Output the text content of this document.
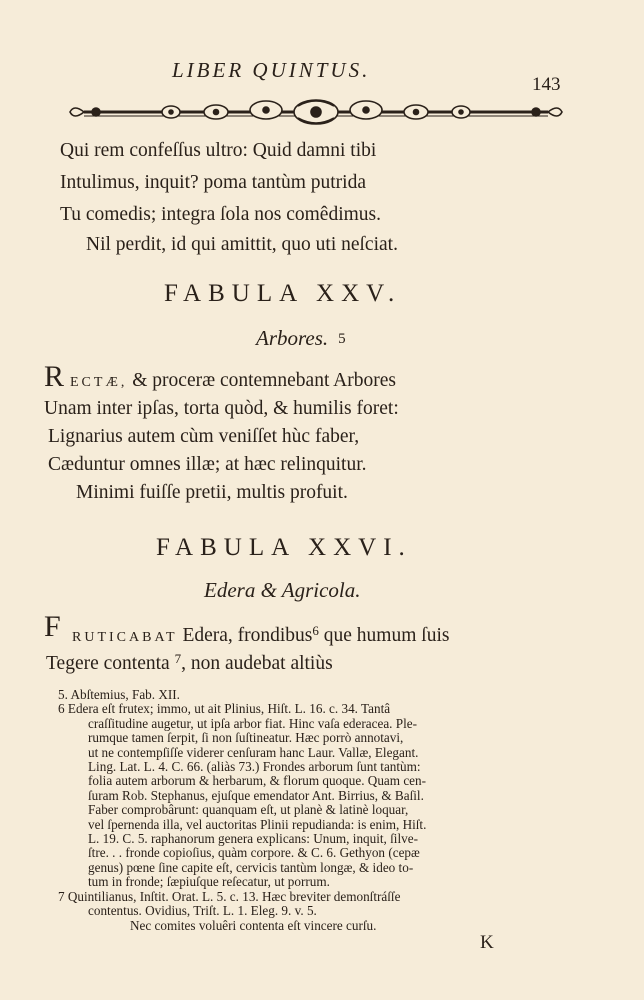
LIBER QUINTUS.
143
Qui rem confeſſus ultro: Quid damni tibi
Intulimus, inquit? poma tantùm putrida
Tu comedis; integra ſola nos comêdimus.
Nil perdit, id qui amittit, quo uti neſciat.
FABULA XXV.
Arbores. 5
R ECTÆ, & proceræ contemnebant Arbores
Unam inter ipſas, torta quòd, & humilis foret:
Lignarius autem cùm veniſſet hùc faber,
Cæduntur omnes illæ; at hæc relinquitur.
Minimi fuiſſe pretii, multis profuit.
FABULA XXVI.
Edera & Agricola.
F RUTICABAT Edera, frondibus$^6$ que humum ſuis
Tegere contenta $^7$, non audebat altiùs
5. Abſtemius, Fab. XII.
6 Edera eſt frutex; immo, ut ait Plinius, Hiſt. L. 16. c. 34. Tantâ
craſſitudine augetur, ut ipſa arbor fiat. Hinc vaſa ederacea. Ple-
rumque tamen ſerpit, ſi non ſuſtineatur. Hæc porrò annotavi,
ut ne contempſiſſe viderer cenſuram hanc Laur. Vallæ, Elegant.
Ling. Lat. L. 4. C. 66. (aliàs 73.) Frondes arborum ſunt tantùm:
folia autem arborum & herbarum, & florum quoque. Quam cen-
ſuram Rob. Stephanus, ejuſque emendator Ant. Birrius, & Baſil.
Faber comprobârunt: quanquam eſt, ut planè & latinè loquar,
vel ſpernenda illa, vel auctoritas Plinii repudianda: is enim, Hiſt.
L. 19. C. 5. raphanorum genera explicans: Unum, inquit, ſilve-
ſtre. . . fronde copioſius, quàm corpore. & C. 6. Gethyon (cepæ
genus) pœne ſine capite eſt, cervicis tantùm longæ, & ideo to-
tum in fronde; ſæpiuſque reſecatur, ut porrum.
7 Quintilianus, Inſtit. Orat. L. 5. c. 13. Hæc breviter demonſtráſſe
contentus. Ovidius, Triſt. L. 1. Eleg. 9. v. 5.
Nec comites voluêri contenta eſt vincere curſu.
K
